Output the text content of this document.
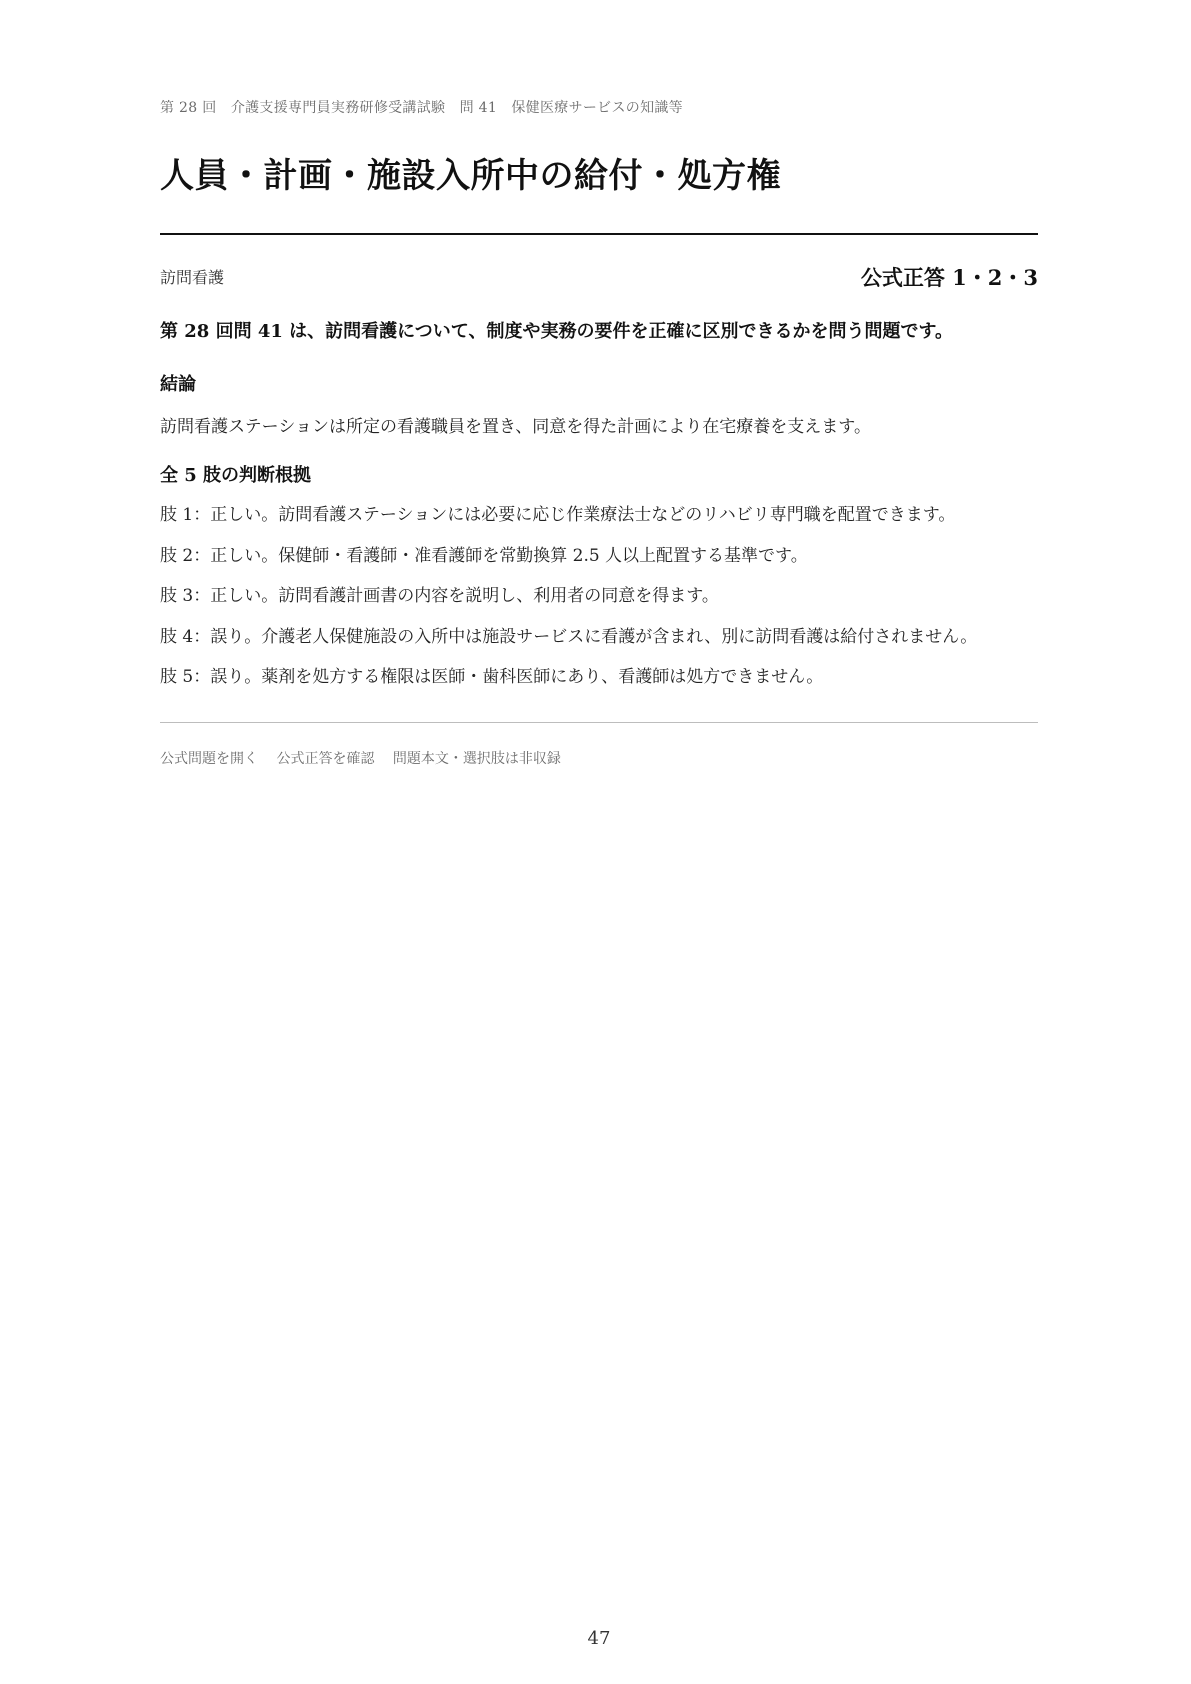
第 28 回　介護支援専門員実務研修受講試験　問 41　保健医療サービスの知識等
人員・計画・施設入所中の給付・処方権
訪問看護	公式正答 1・2・3
第 28 回問 41 は、訪問看護について、制度や実務の要件を正確に区別できるかを問う問題です。
結論
訪問看護ステーションは所定の看護職員を置き、同意を得た計画により在宅療養を支えます。
全 5 肢の判断根拠
肢 1：正しい。訪問看護ステーションには必要に応じ作業療法士などのリハビリ専門職を配置できます。
肢 2：正しい。保健師・看護師・准看護師を常勤換算 2.5 人以上配置する基準です。
肢 3：正しい。訪問看護計画書の内容を説明し、利用者の同意を得ます。
肢 4：誤り。介護老人保健施設の入所中は施設サービスに看護が含まれ、別に訪問看護は給付されません。
肢 5：誤り。薬剤を処方する権限は医師・歯科医師にあり、看護師は処方できません。
公式問題を開く 公式正答を確認 問題本文・選択肢は非収録
47
